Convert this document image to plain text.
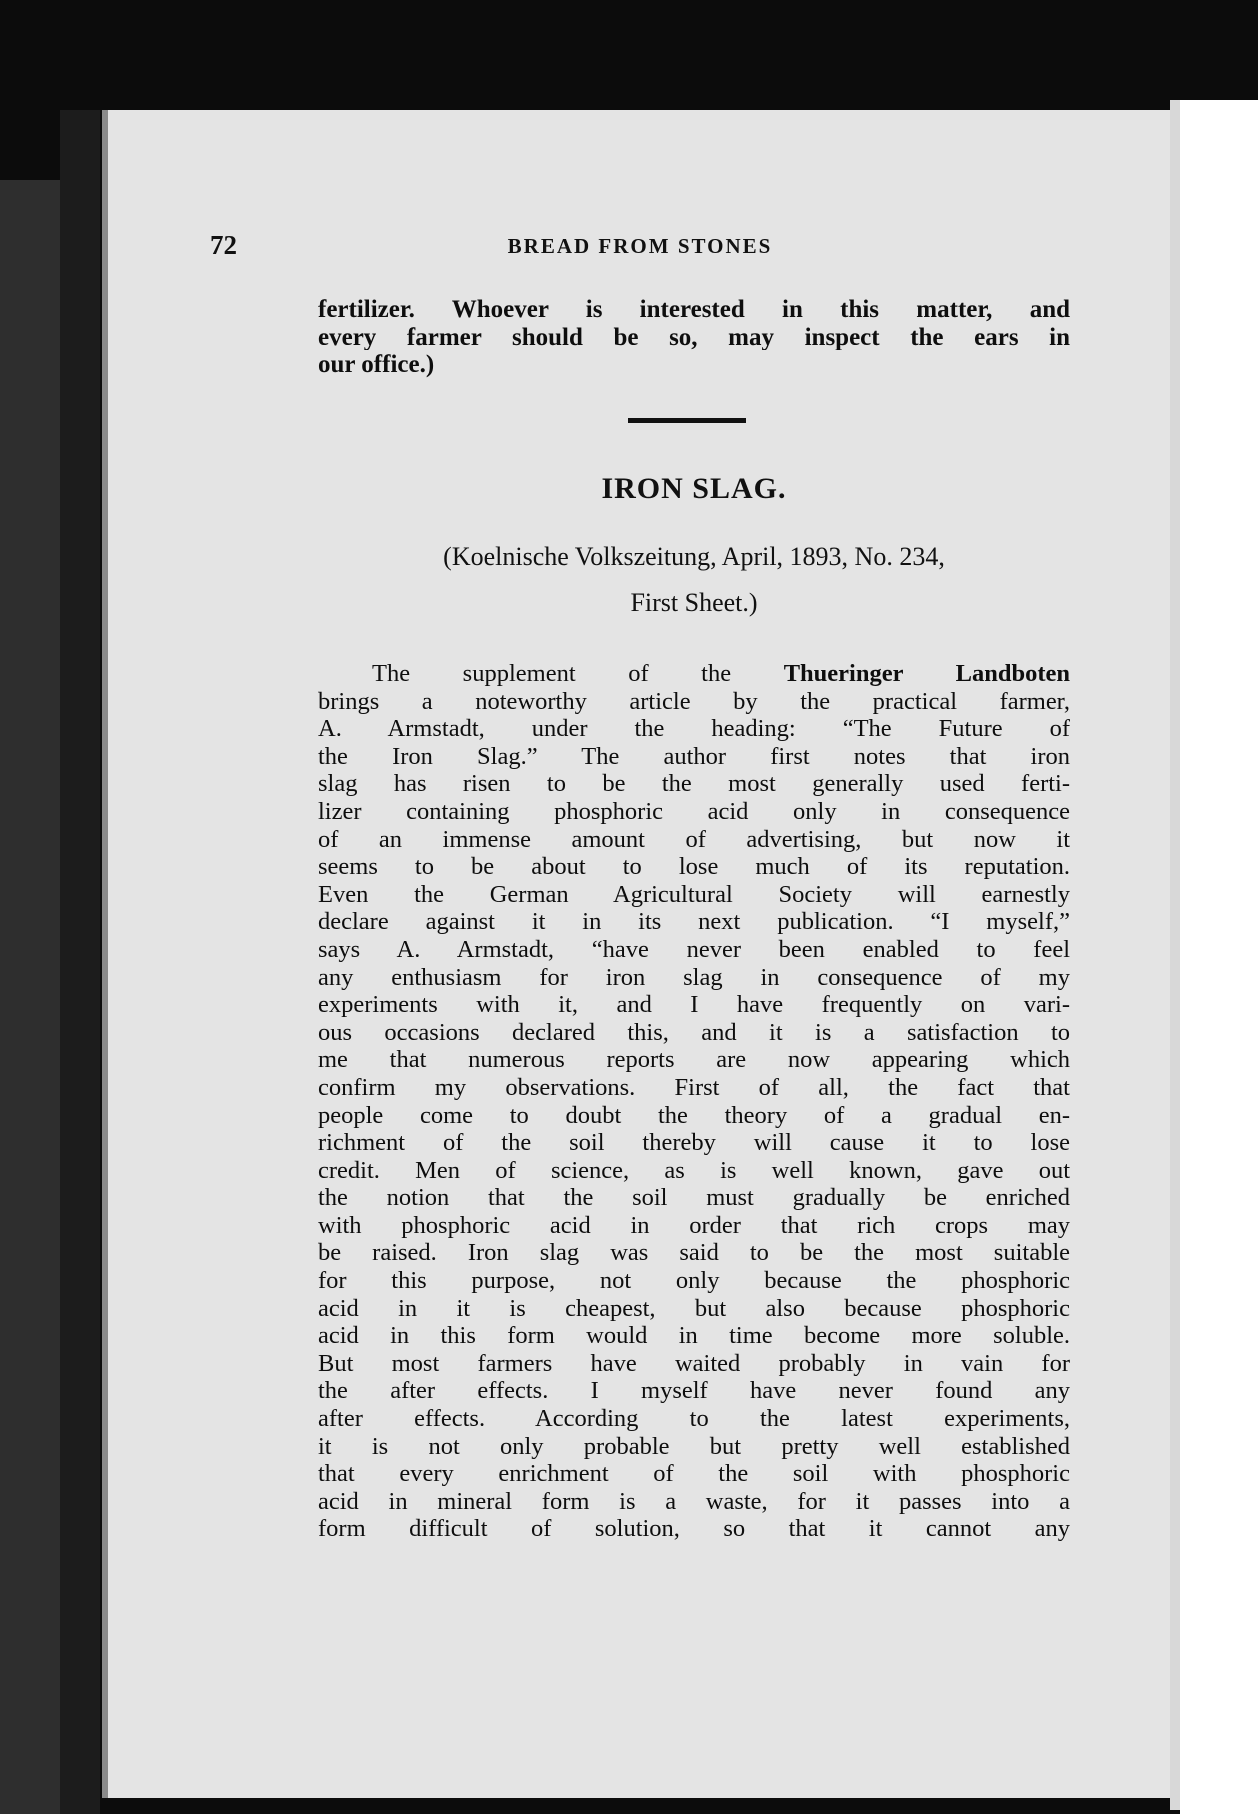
72	BREAD FROM STONES
fertilizer. Whoever is interested in this matter, and
every farmer should be so, may inspect the ears in
our office.)
IRON SLAG.
(Koelnische Volkszeitung, April, 1893, No. 234,
First Sheet.)
The supplement of the Thueringer Landboten
brings a noteworthy article by the practical farmer,
A. Armstadt, under the heading: “The Future of
the Iron Slag.” The author first notes that iron
slag has risen to be the most generally used ferti-
lizer containing phosphoric acid only in consequence
of an immense amount of advertising, but now it
seems to be about to lose much of its reputation.
Even the German Agricultural Society will earnestly
declare against it in its next publication. “I myself,”
says A. Armstadt, “have never been enabled to feel
any enthusiasm for iron slag in consequence of my
experiments with it, and I have frequently on vari-
ous occasions declared this, and it is a satisfaction to
me that numerous reports are now appearing which
confirm my observations. First of all, the fact that
people come to doubt the theory of a gradual en-
richment of the soil thereby will cause it to lose
credit. Men of science, as is well known, gave out
the notion that the soil must gradually be enriched
with phosphoric acid in order that rich crops may
be raised. Iron slag was said to be the most suitable
for this purpose, not only because the phosphoric
acid in it is cheapest, but also because phosphoric
acid in this form would in time become more soluble.
But most farmers have waited probably in vain for
the after effects. I myself have never found any
after effects. According to the latest experiments,
it is not only probable but pretty well established
that every enrichment of the soil with phosphoric
acid in mineral form is a waste, for it passes into a
form difficult of solution, so that it cannot any
